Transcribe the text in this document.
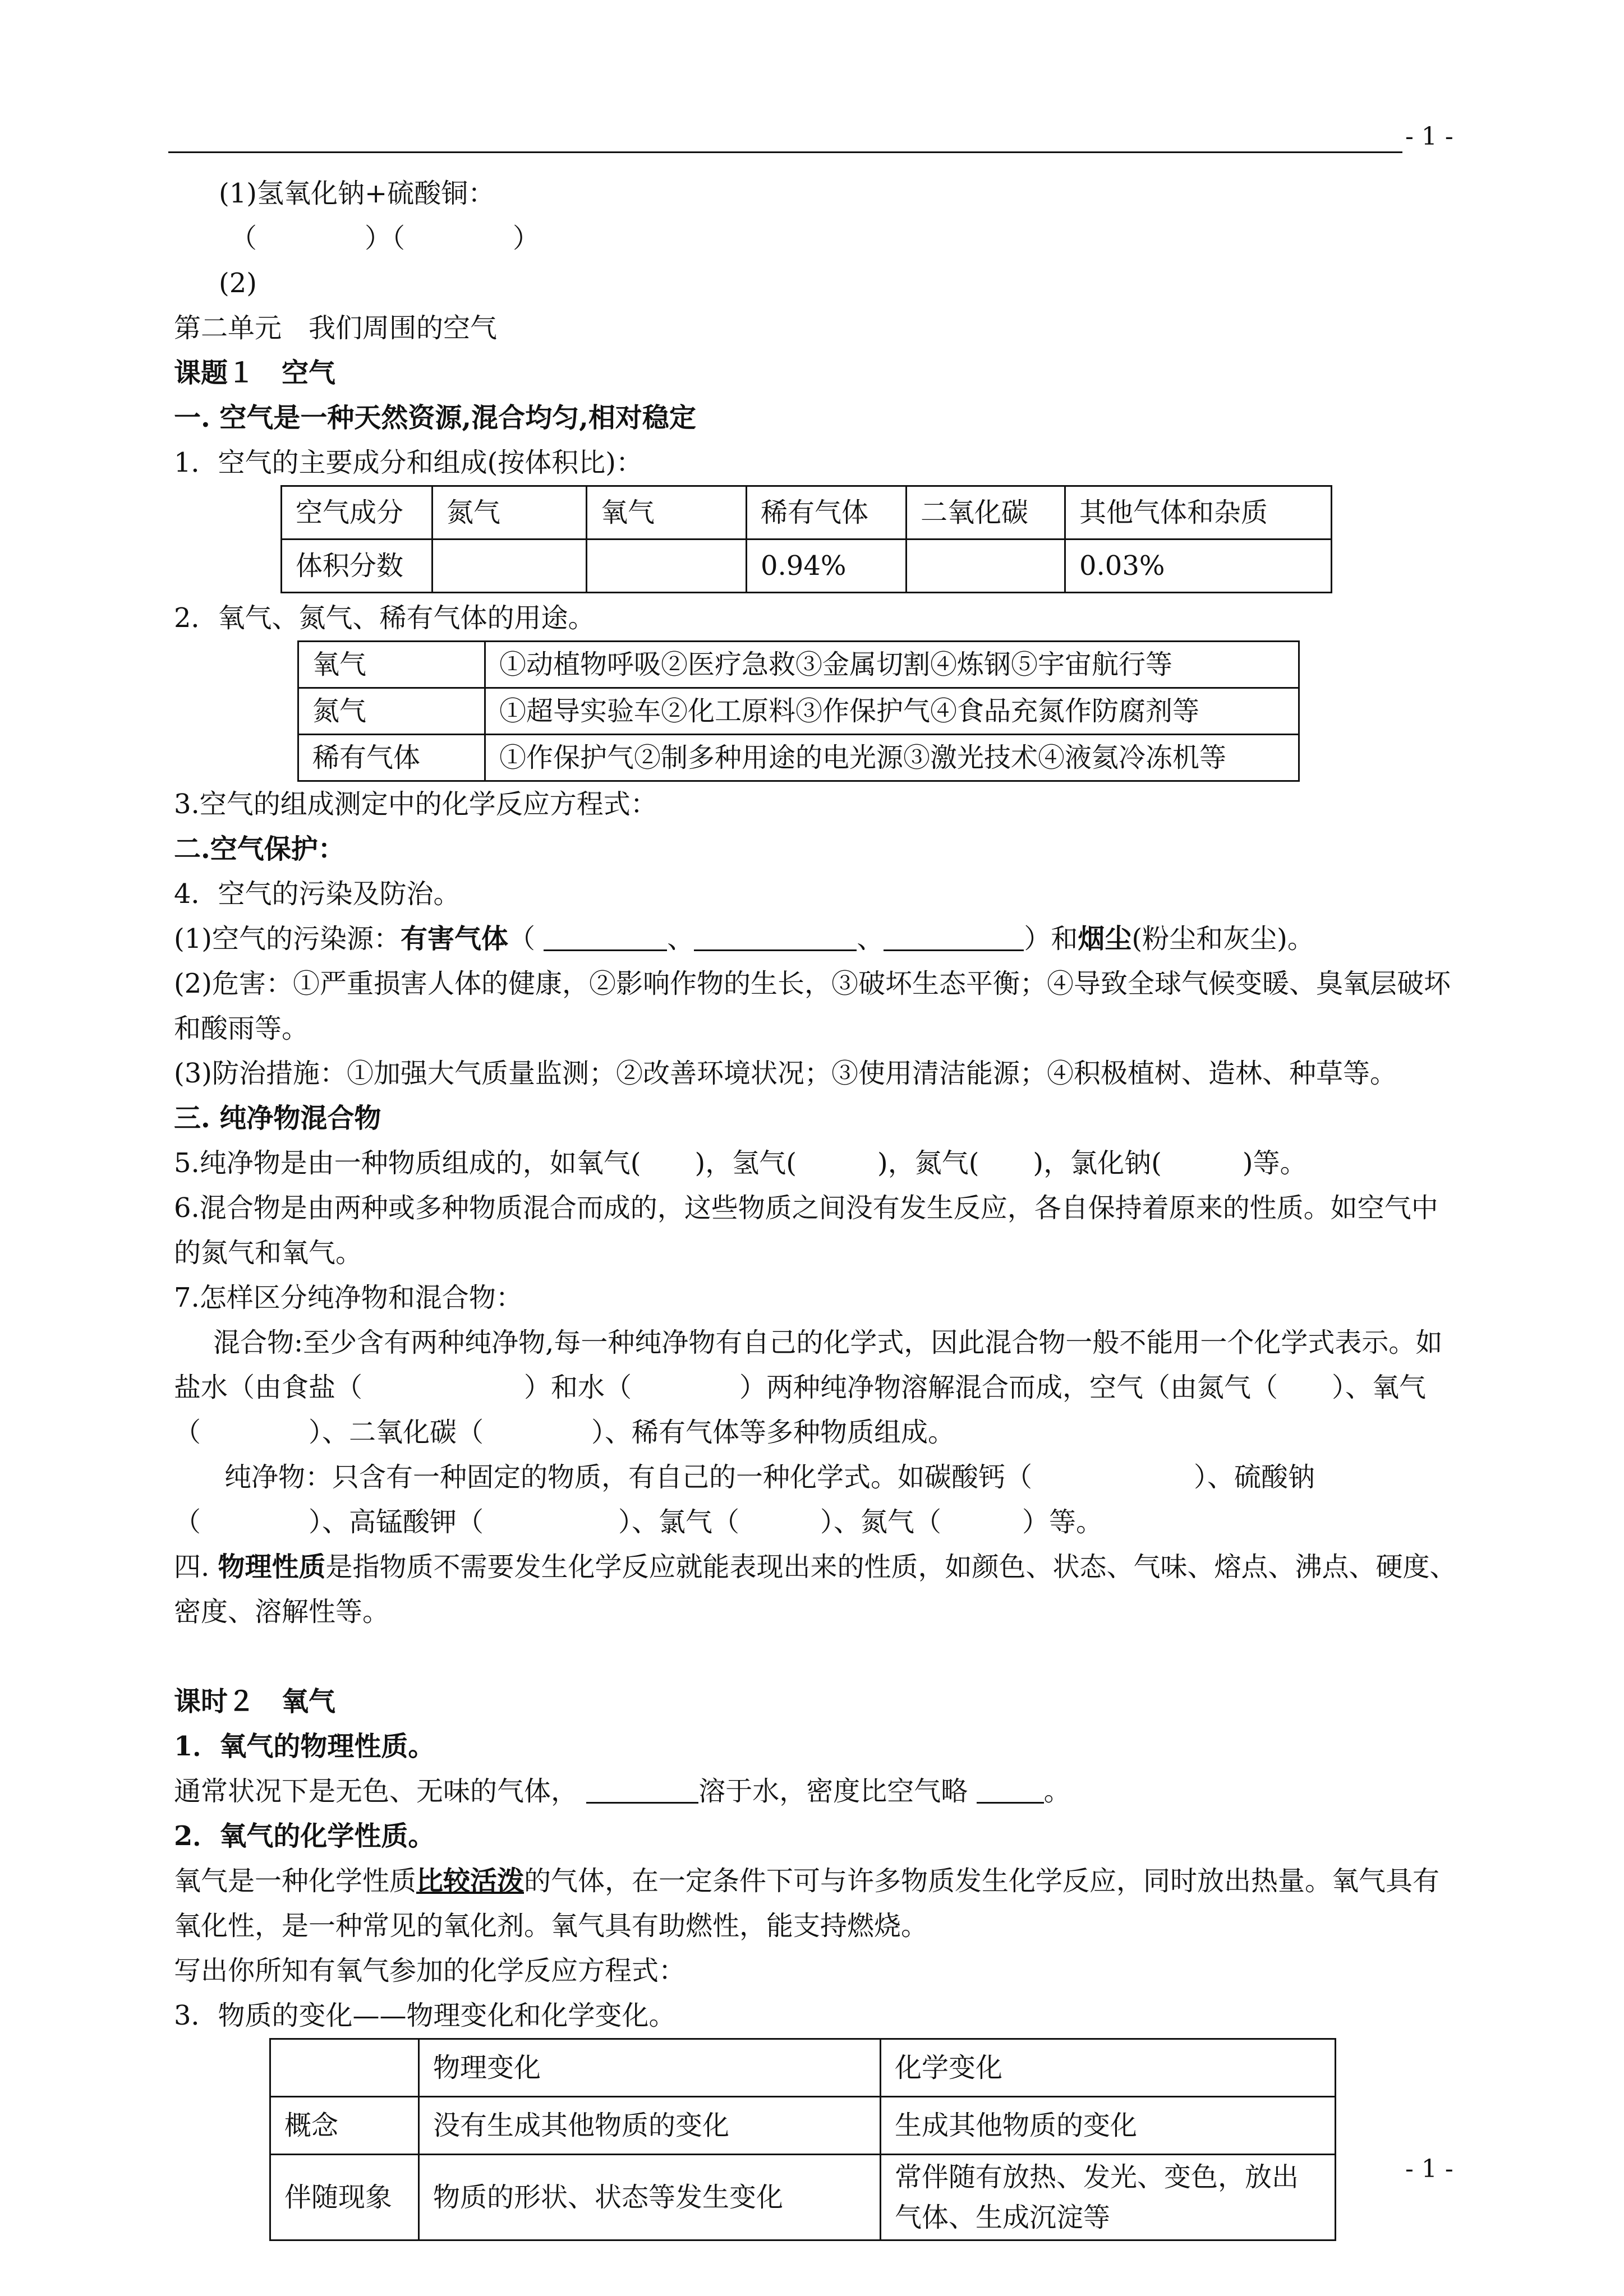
- 1 -
- 1 -

(1)氢氧化钠+硫酸铜：

（　　　　）（　　　　）

(2)

第二单元　我们周围的空气

课题１　空气

一. 空气是一种天然资源,混合均匀,相对稳定

1．空气的主要成分和组成(按体积比)：

空气成分	氮气	氧气	稀有气体	二氧化碳	其他气体和杂质
体积分数			0.94%		0.03%

2．氧气、氮气、稀有气体的用途。

氧气	①动植物呼吸②医疗急救③金属切割④炼钢⑤宇宙航行等
氮气	①超导实验车②化工原料③作保护气④食品充氮作防腐剂等
稀有气体	①作保护气②制多种用途的电光源③激光技术④液氦冷冻机等

3.空气的组成测定中的化学反应方程式：

二.空气保护：

4．空气的污染及防治。

(1)空气的污染源：有害气体（	、	、	）和烟尘(粉尘和灰尘)。

(2)危害：①严重损害人体的健康，②影响作物的生长，③破坏生态平衡；④导致全球气候变暖、臭氧层破坏和酸雨等。

(3)防治措施：①加强大气质量监测；②改善环境状况；③使用清洁能源；④积极植树、造林、种草等。

三. 纯净物混合物

5.纯净物是由一种物质组成的，如氧气(　　)，氢气(　　　)，氮气(　　)，氯化钠(　　　)等。

6.混合物是由两种或多种物质混合而成的，这些物质之间没有发生反应，各自保持着原来的性质。如空气中的氮气和氧气。

7.怎样区分纯净物和混合物：

混合物:至少含有两种纯净物,每一种纯净物有自己的化学式，因此混合物一般不能用一个化学式表示。如盐水（由食盐（　　　　　　）和水（　　　　）两种纯净物溶解混合而成，空气（由氮气（　　）、氧气（　　　　）、二氧化碳（　　　　）、稀有气体等多种物质组成。

纯净物：只含有一种固定的物质，有自己的一种化学式。如碳酸钙（　　　　　　）、硫酸钠（　　　　）、高锰酸钾（　　　　　）、氯气（　　　）、氮气（　　　）等。

四. 物理性质是指物质不需要发生化学反应就能表现出来的性质，如颜色、状态、气味、熔点、沸点、硬度、密度、溶解性等。

课时２　氧气

1．氧气的物理性质。

通常状况下是无色、无味的气体，	溶于水，密度比空气略	。

2．氧气的化学性质。

氧气是一种化学性质比较活泼的气体，在一定条件下可与许多物质发生化学反应，同时放出热量。氧气具有氧化性，是一种常见的氧化剂。氧气具有助燃性，能支持燃烧。

写出你所知有氧气参加的化学反应方程式：

3．物质的变化——物理变化和化学变化。

	物理变化	化学变化
概念	没有生成其他物质的变化	生成其他物质的变化
伴随现象	物质的形状、状态等发生变化	常伴随有放热、发光、变色，放出气体、生成沉淀等
